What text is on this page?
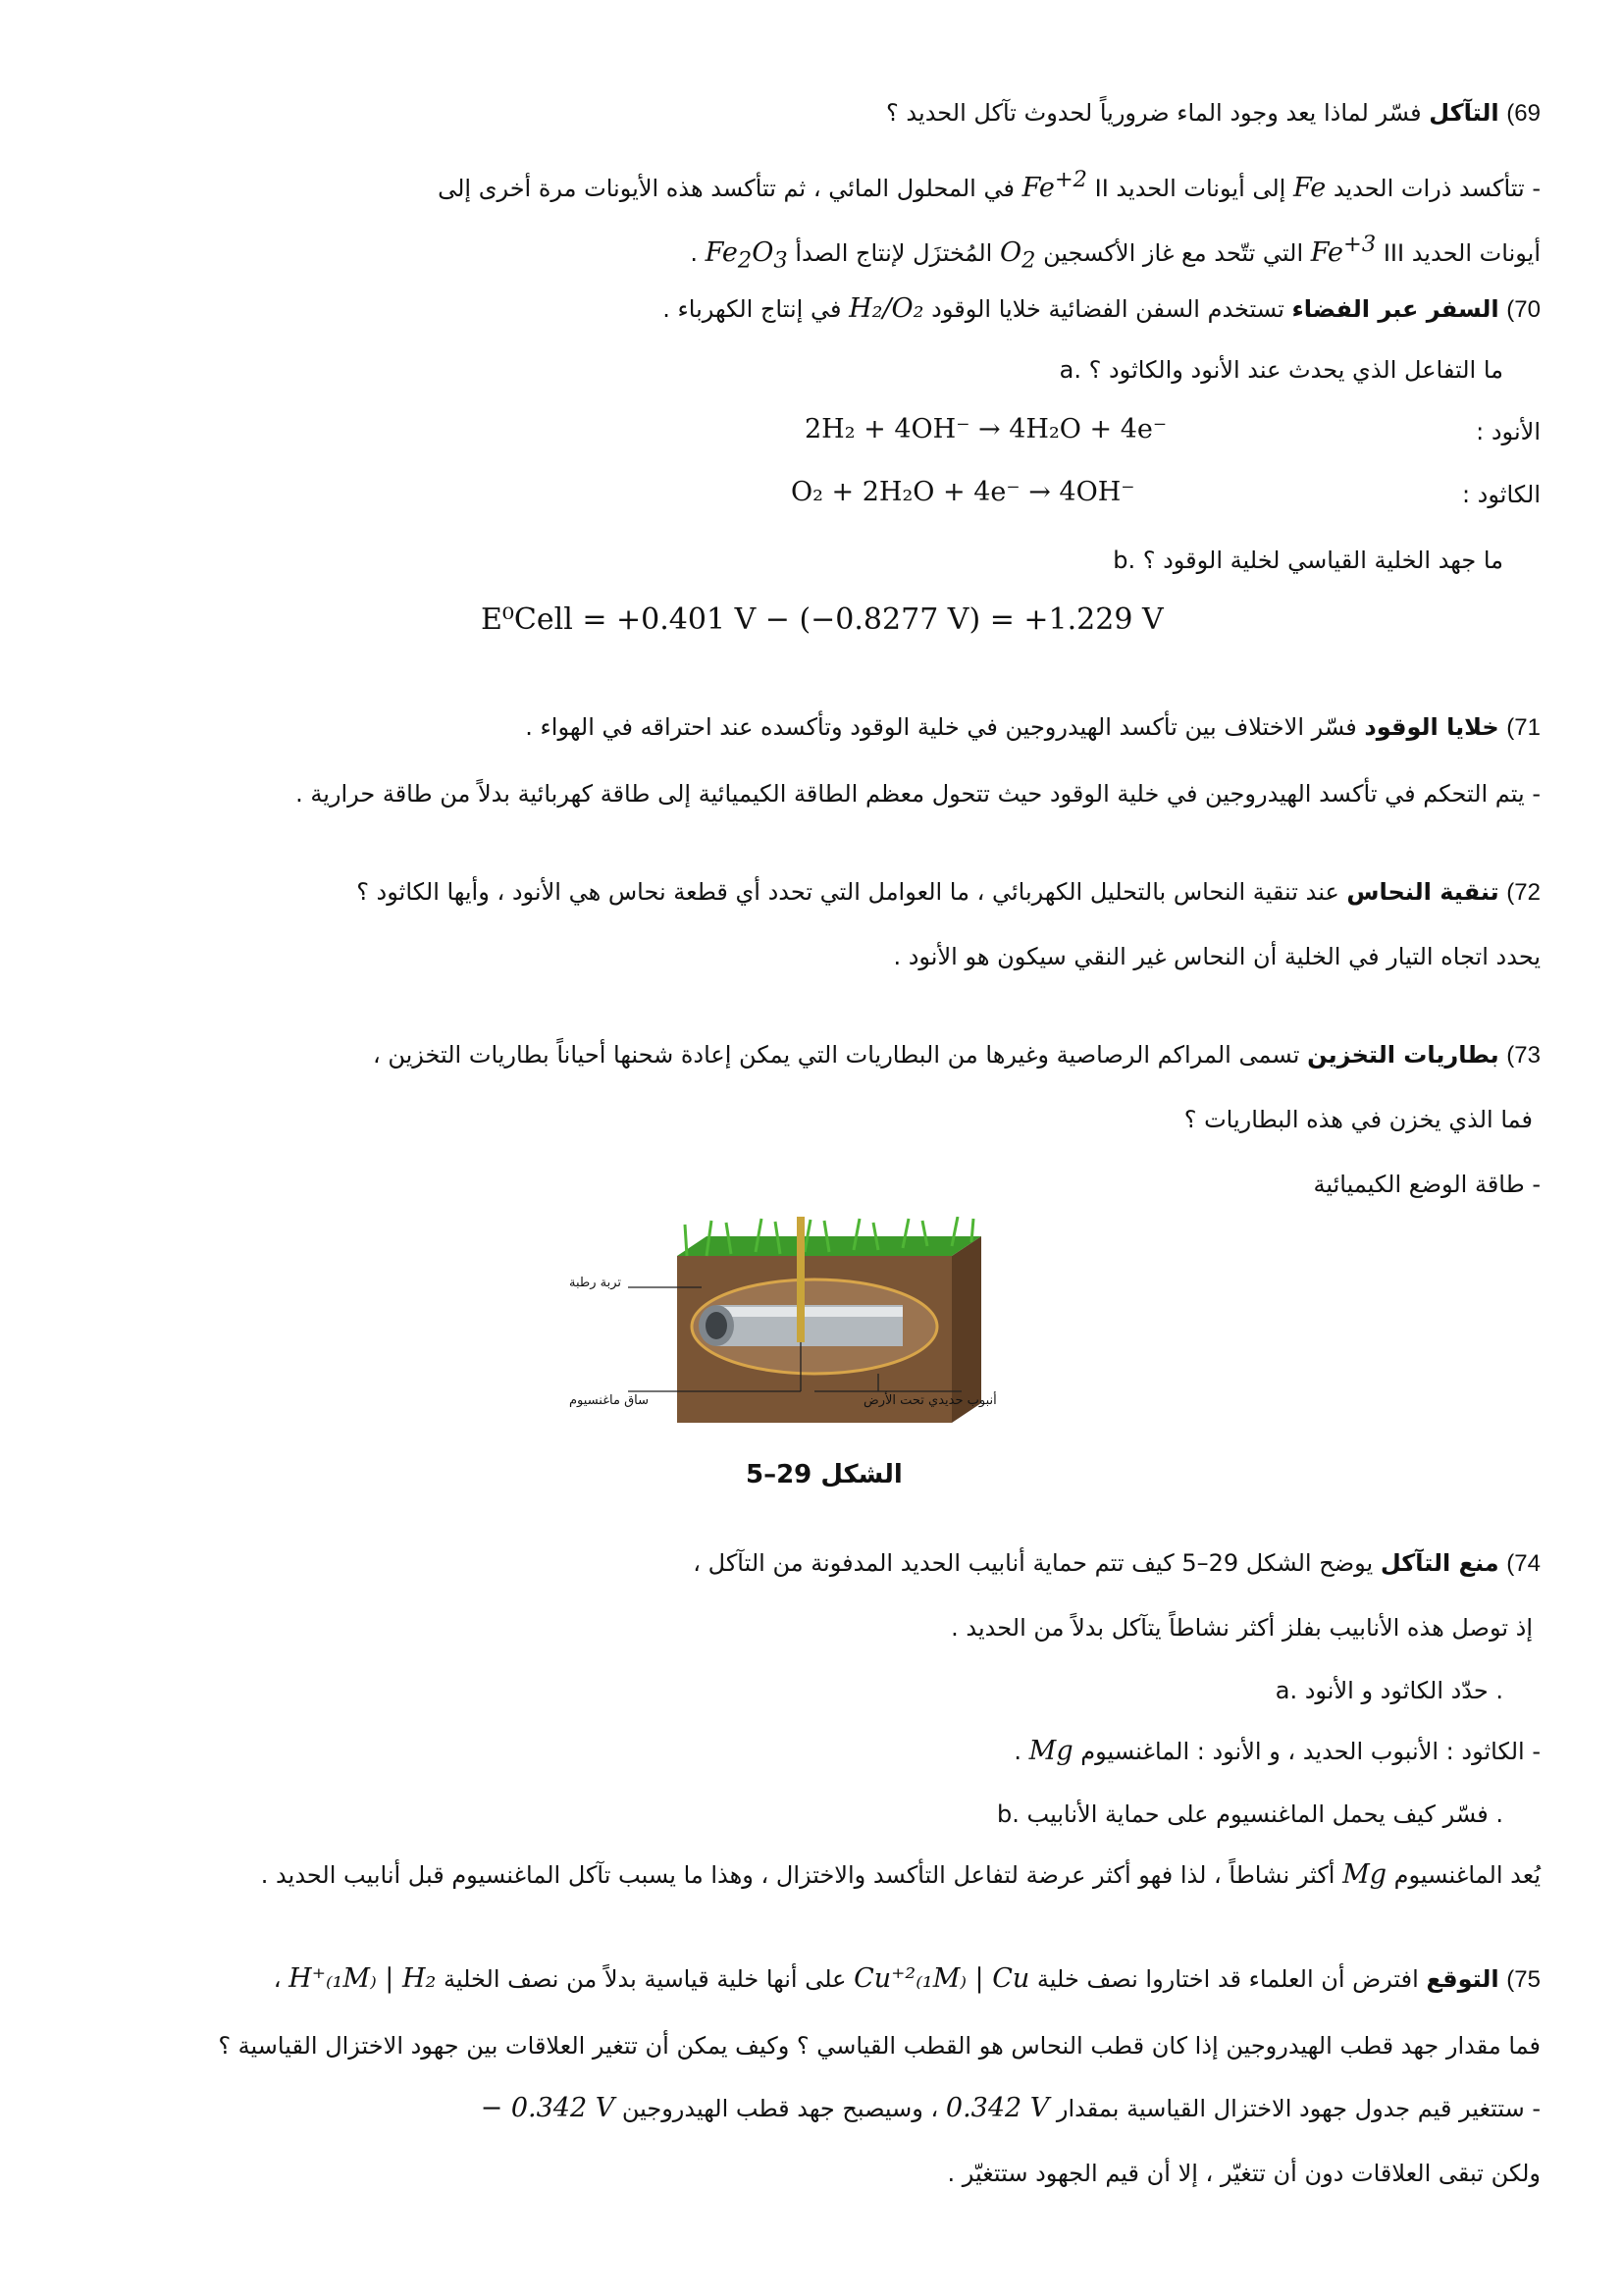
69) التآكل فسّر لماذا يعد وجود الماء ضرورياً لحدوث تآكل الحديد ؟
- تتأكسد ذرات الحديد Fe إلى أيونات الحديد II $Fe^{+2}$ في المحلول المائي ، ثم تتأكسد هذه الأيونات مرة أخرى إلى
أيونات الحديد III $Fe^{+3}$ التي تتّحد مع غاز الأكسجين $O_2$ المُختزَل لإنتاج الصدأ $Fe_2O_3$ .
70) السفر عبر الفضاء تستخدم السفن الفضائية خلايا الوقود H₂/O₂ في إنتاج الكهرباء .
a. ما التفاعل الذي يحدث عند الأنود والكاثود ؟
الأنود :
2H₂ + 4OH⁻ → 4H₂O + 4e⁻
الكاثود :
O₂ + 2H₂O + 4e⁻ → 4OH⁻
b. ما جهد الخلية القياسي لخلية الوقود ؟
E⁰Cell = +0.401 V − (−0.8277 V) = +1.229 V
71) خلايا الوقود فسّر الاختلاف بين تأكسد الهيدروجين في خلية الوقود وتأكسده عند احتراقه في الهواء .
- يتم التحكم في تأكسد الهيدروجين في خلية الوقود حيث تتحول معظم الطاقة الكيميائية إلى طاقة كهربائية بدلاً من طاقة حرارية .
72) تنقية النحاس عند تنقية النحاس بالتحليل الكهربائي ، ما العوامل التي تحدد أي قطعة نحاس هي الأنود ، وأيها الكاثود ؟
يحدد اتجاه التيار في الخلية أن النحاس غير النقي سيكون هو الأنود .
73) بطاريات التخزين تسمى المراكم الرصاصية وغيرها من البطاريات التي يمكن إعادة شحنها أحياناً بطاريات التخزين ،
فما الذي يخزن في هذه البطاريات ؟
- طاقة الوضع الكيميائية
تربة رطبة
ساق ماغنسيوم	أنبوب حديدي تحت الأرض
الشكل 29–5
74) منع التآكل يوضح الشكل 29–5 كيف تتم حماية أنابيب الحديد المدفونة من التآكل ،
إذ توصل هذه الأنابيب بفلز أكثر نشاطاً يتآكل بدلاً من الحديد .
a. حدّد الكاثود و الأنود .
- الكاثود : الأنبوب الحديد ، و الأنود : الماغنسيوم Mg .
b. فسّر كيف يحمل الماغنسيوم على حماية الأنابيب .
يُعد الماغنسيوم Mg أكثر نشاطاً ، لذا فهو أكثر عرضة لتفاعل التأكسد والاختزال ، وهذا ما يسبب تآكل الماغنسيوم قبل أنابيب الحديد .
75) التوقع افترض أن العلماء قد اختاروا نصف خلية Cu⁺²₍₁M₎ | Cu على أنها خلية قياسية بدلاً من نصف الخلية H⁺₍₁M₎ | H₂ ،
فما مقدار جهد قطب الهيدروجين إذا كان قطب النحاس هو القطب القياسي ؟ وكيف يمكن أن تتغير العلاقات بين جهود الاختزال القياسية ؟
- ستتغير قيم جدول جهود الاختزال القياسية بمقدار 0.342 V ، وسيصبح جهد قطب الهيدروجين − 0.342 V
ولكن تبقى العلاقات دون أن تتغيّر ، إلا أن قيم الجهود ستتغيّر .
